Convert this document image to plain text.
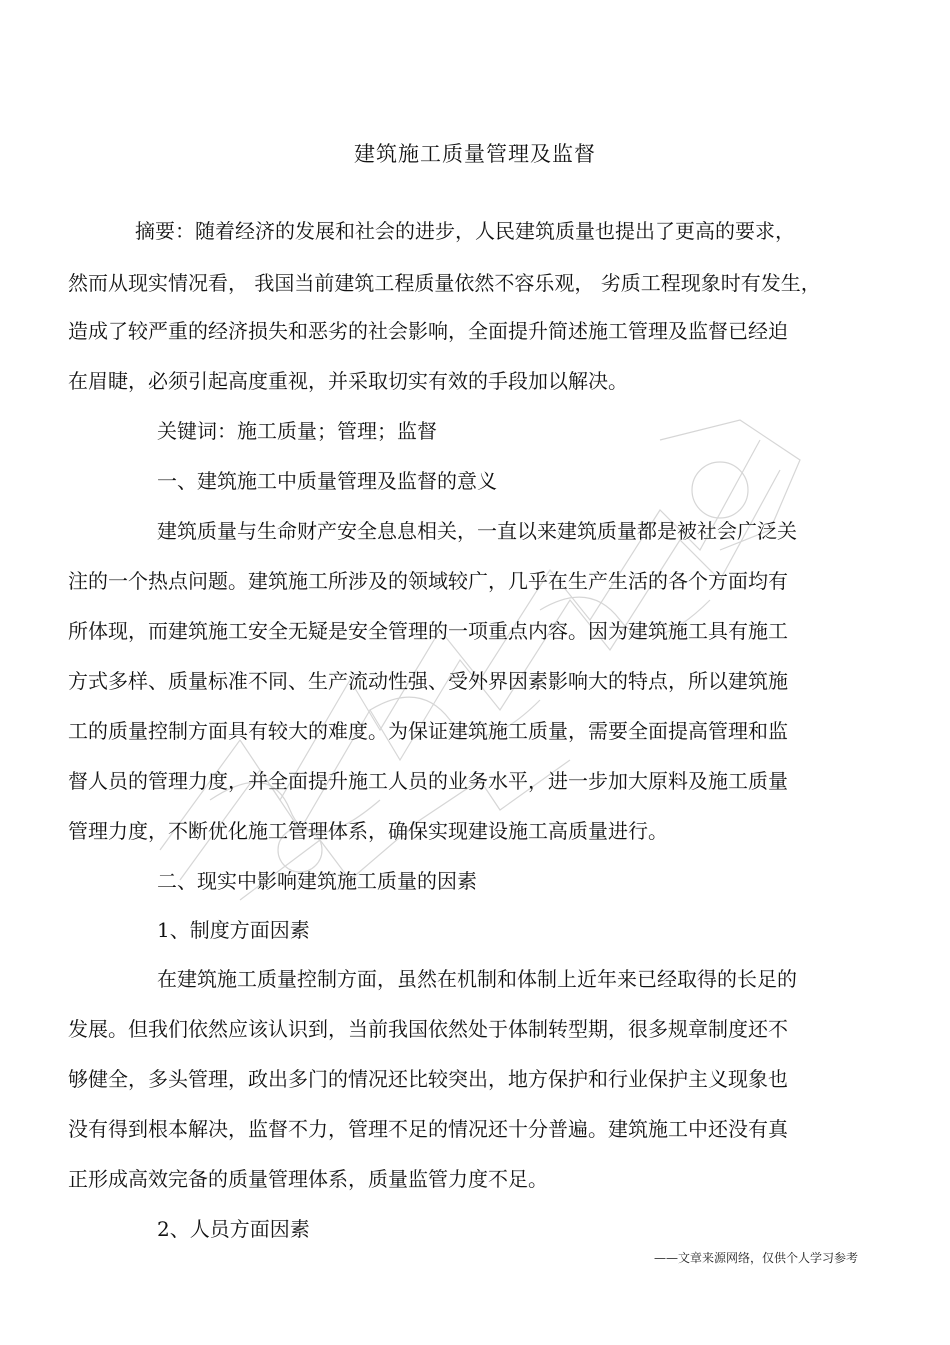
建筑施工质量管理及监督
摘要：随着经济的发展和社会的进步，人民建筑质量也提出了更高的要求，
然而从现实情况看， 我国当前建筑工程质量依然不容乐观， 劣质工程现象时有发生，
造成了较严重的经济损失和恶劣的社会影响，全面提升简述施工管理及监督已经迫
在眉睫，必须引起高度重视，并采取切实有效的手段加以解决。
关键词：施工质量；管理；监督
一、建筑施工中质量管理及监督的意义
建筑质量与生命财产安全息息相关，一直以来建筑质量都是被社会广泛关
注的一个热点问题。建筑施工所涉及的领域较广，几乎在生产生活的各个方面均有
所体现，而建筑施工安全无疑是安全管理的一项重点内容。因为建筑施工具有施工
方式多样、质量标准不同、生产流动性强、受外界因素影响大的特点，所以建筑施
工的质量控制方面具有较大的难度。为保证建筑施工质量，需要全面提高管理和监
督人员的管理力度，并全面提升施工人员的业务水平，进一步加大原料及施工质量
管理力度，不断优化施工管理体系，确保实现建设施工高质量进行。
二、现实中影响建筑施工质量的因素
1、制度方面因素
在建筑施工质量控制方面，虽然在机制和体制上近年来已经取得的长足的
发展。但我们依然应该认识到，当前我国依然处于体制转型期，很多规章制度还不
够健全，多头管理，政出多门的情况还比较突出，地方保护和行业保护主义现象也
没有得到根本解决，监督不力，管理不足的情况还十分普遍。建筑施工中还没有真
正形成高效完备的质量管理体系，质量监管力度不足。
2、人员方面因素
——文章来源网络，仅供个人学习参考
